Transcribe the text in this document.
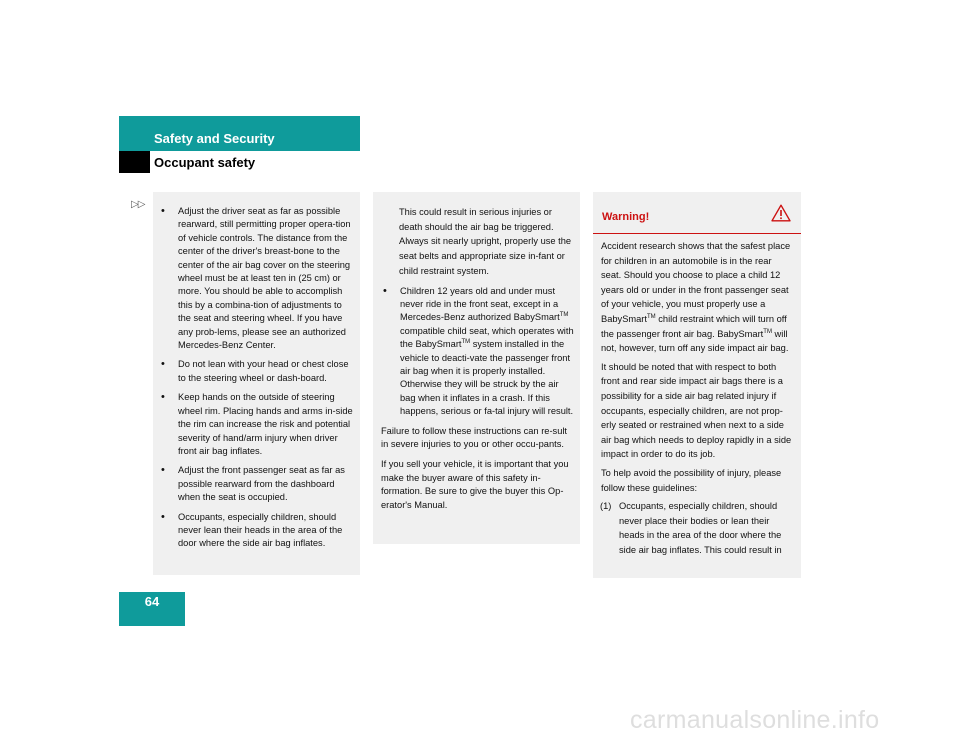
Safety and Security
Occupant safety
▷▷
• Adjust the driver seat as far as possible rearward, still permitting proper opera-tion of vehicle controls. The distance from the center of the driver's breast-bone to the center of the air bag cover on the steering wheel must be at least ten in (25 cm) or more. You should be able to accomplish this by a combina-tion of adjustments to the seat and steering wheel. If you have any prob-lems, please see an authorized Mercedes-Benz Center.
• Do not lean with your head or chest close to the steering wheel or dash-board.
• Keep hands on the outside of steering wheel rim. Placing hands and arms in-side the rim can increase the risk and potential severity of hand/arm injury when driver front air bag inflates.
• Adjust the front passenger seat as far as possible rearward from the dashboard when the seat is occupied.
• Occupants, especially children, should never lean their heads in the area of the door where the side air bag inflates.

This could result in serious injuries or death should the air bag be triggered. Always sit nearly upright, properly use the seat belts and appropriate size in-fant or child restraint system.

• Children 12 years old and under must never ride in the front seat, except in a Mercedes-Benz authorized BabySmart™ compatible child seat, which operates with the BabySmart™ system installed in the vehicle to deacti-vate the passenger front air bag when it is properly installed. Otherwise they will be struck by the air bag when it inflates in a crash. If this happens, serious or fa-tal injury will result.

Failure to follow these instructions can re-sult in severe injuries to you or other occu-pants.

If you sell your vehicle, it is important that you make the buyer aware of this safety in-formation. Be sure to give the buyer this Op-erator's Manual.

Warning!

Accident research shows that the safest place for children in an automobile is in the rear seat. Should you choose to place a child 12 years old or under in the front passenger seat of your vehicle, you must properly use a BabySmart™ child restraint which will turn off the passenger front air bag. BabySmart™ will not, however, turn off any side impact air bag.

It should be noted that with respect to both front and rear side impact air bags there is a possibility for a side air bag related injury if occupants, especially children, are not prop-erly seated or restrained when next to a side air bag which needs to deploy rapidly in a side impact in order to do its job.

To help avoid the possibility of injury, please follow these guidelines:

(1) Occupants, especially children, should never place their bodies or lean their heads in the area of the door where the side air bag inflates. This could result in
64
carmanualsonline.info
